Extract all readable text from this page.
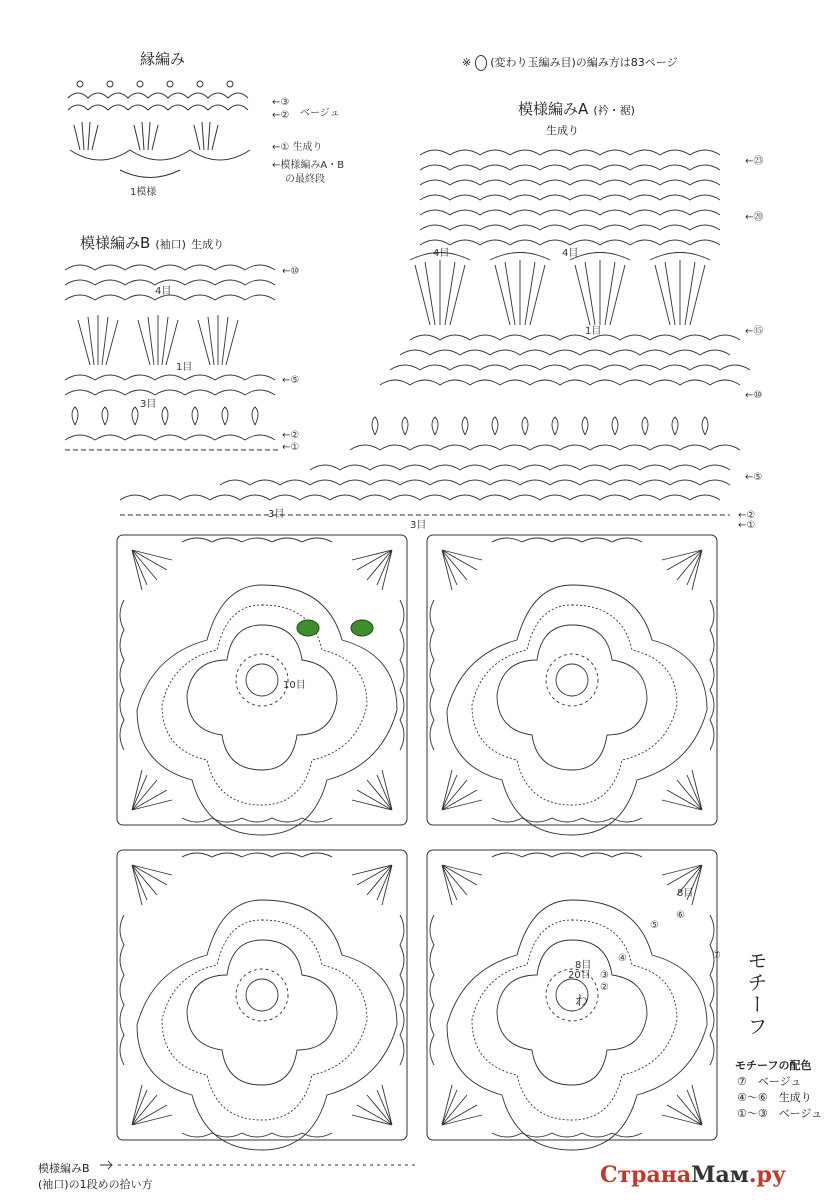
※ (変わり玉編み目)の編み方は83ページ
縁編み
←③
ベージュ
←②
←① 生成り
←模様編みA・B
の最終段
1模様
模様編みA (衿・裾)
生成り
4目	4目
1目
3目
3目
←㉓
←⑳
←⑮
←⑩
←⑤
←②
←①
模様編みB (袖口) 生成り
4目
1目
3目
←⑩
←⑤
←②
←①
8目
⑥
⑤
④
③
②
⑦
8目
20目
わ
10目
モチーフ
モチーフの配色
⑦　 ベージュ
④〜⑥　 生成り
①〜③　 ベージュ
模様編みB
(袖口)の1段めの拾い方	СтранаМам.ру
